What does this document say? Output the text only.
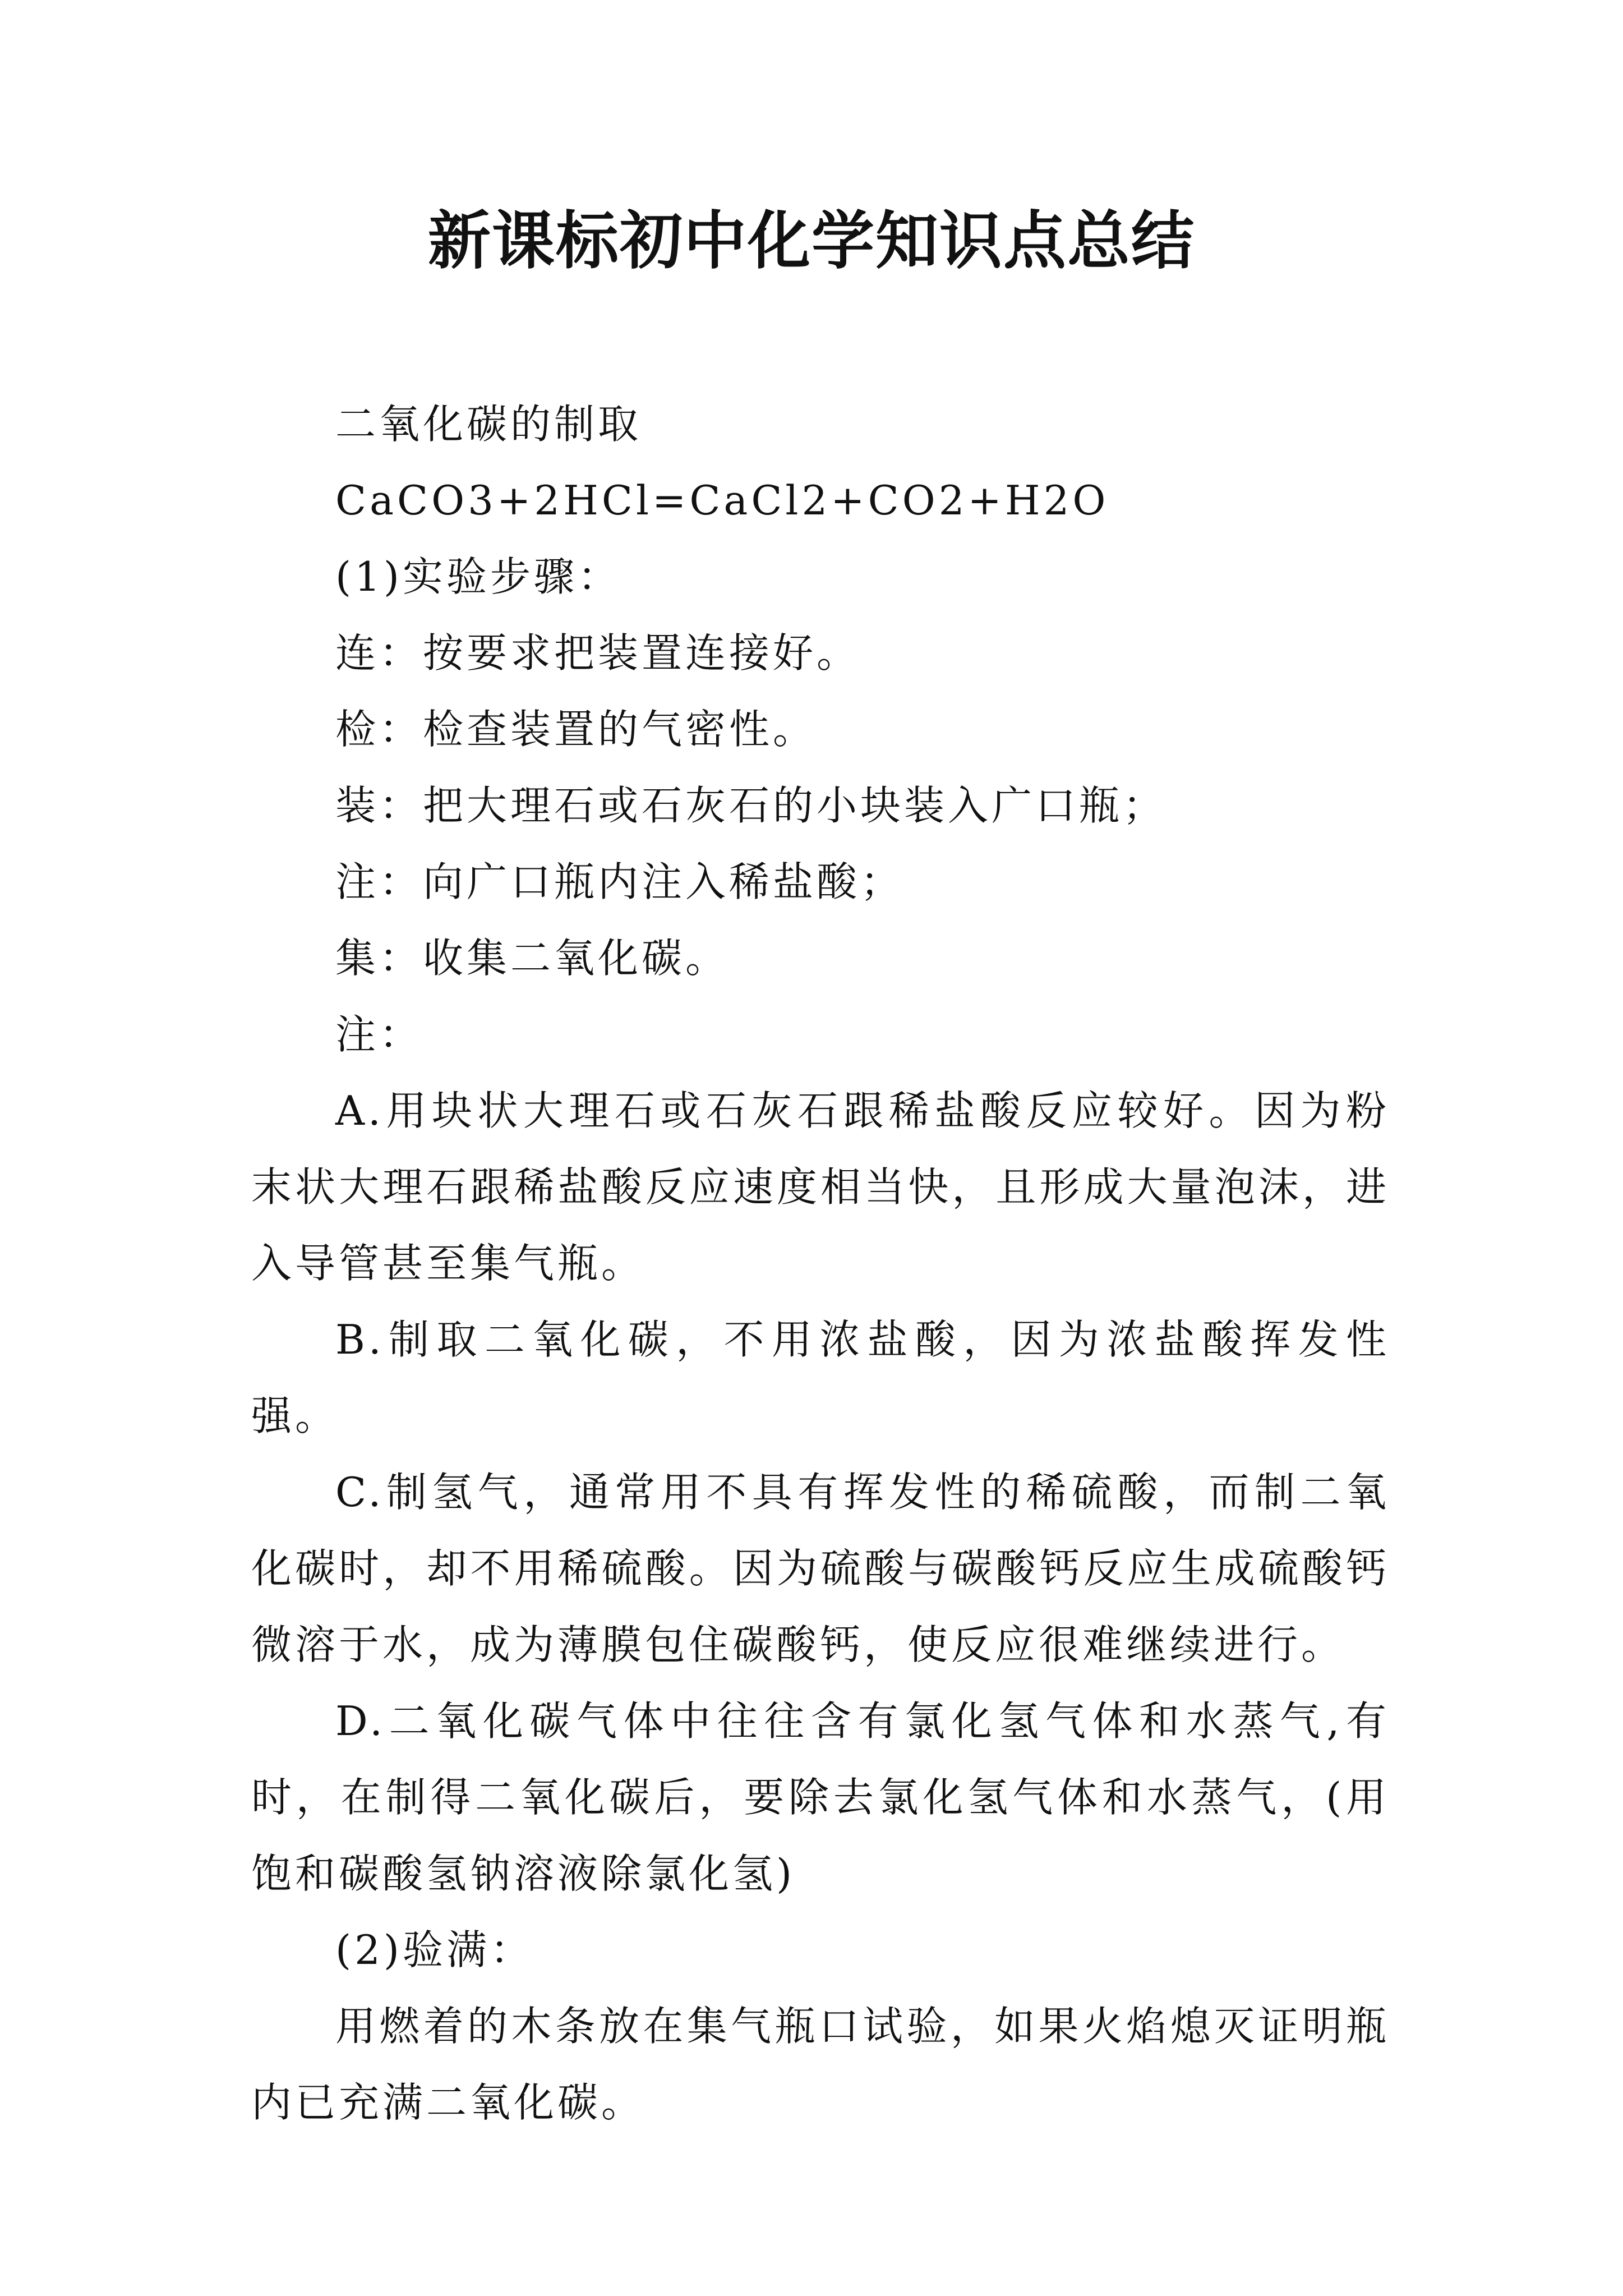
新课标初中化学知识点总结

二氧化碳的制取

CaCO3+2HCl=CaCl2+CO2+H2O

(1)实验步骤：

连：按要求把装置连接好。

检：检查装置的气密性。

装：把大理石或石灰石的小块装入广口瓶；

注：向广口瓶内注入稀盐酸；

集：收集二氧化碳。

注：

A.用块状大理石或石灰石跟稀盐酸反应较好。因为粉末状大理石跟稀盐酸反应速度相当快，且形成大量泡沫，进入导管甚至集气瓶。

B.制取二氧化碳，不用浓盐酸，因为浓盐酸挥发性强。

C.制氢气，通常用不具有挥发性的稀硫酸，而制二氧化碳时，却不用稀硫酸。因为硫酸与碳酸钙反应生成硫酸钙微溶于水，成为薄膜包住碳酸钙，使反应很难继续进行。

D.二氧化碳气体中往往含有氯化氢气体和水蒸气,有时，在制得二氧化碳后，要除去氯化氢气体和水蒸气，(用饱和碳酸氢钠溶液除氯化氢)

(2)验满：

用燃着的木条放在集气瓶口试验，如果火焰熄灭证明瓶内已充满二氧化碳。
